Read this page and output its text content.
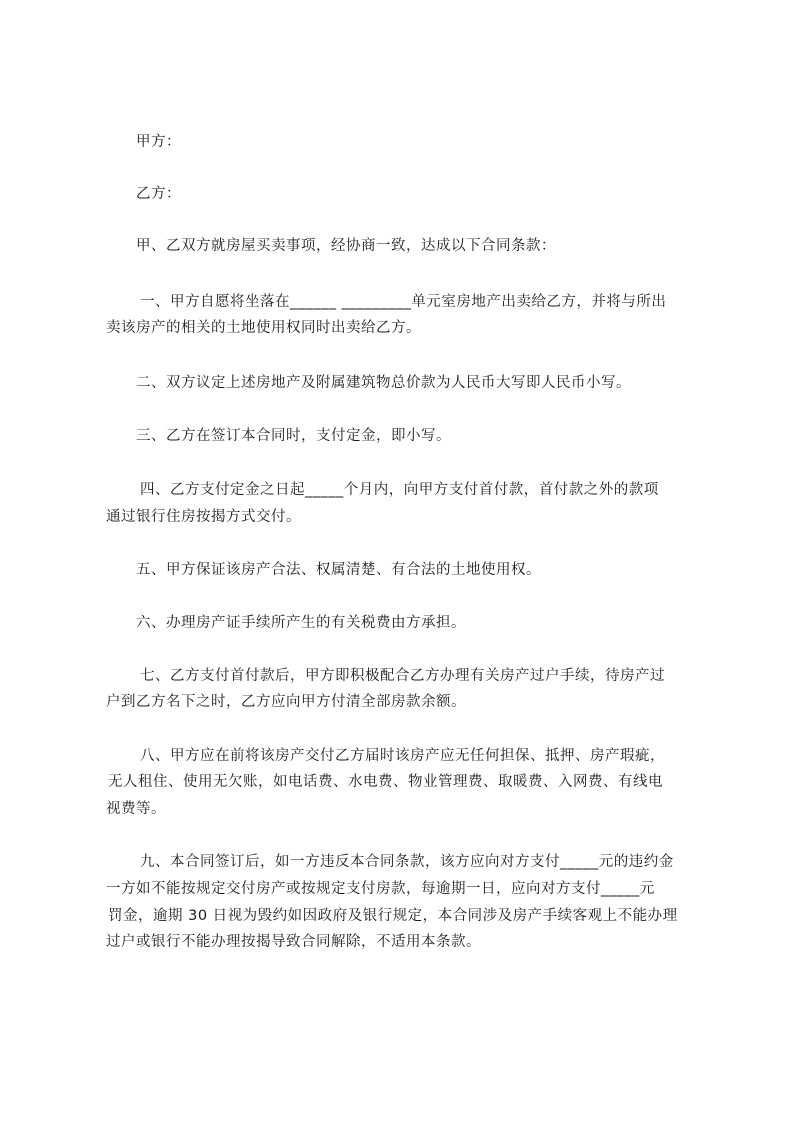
甲方：
乙方：
甲、乙双方就房屋买卖事项，经协商一致，达成以下合同条款：
一、甲方自愿将坐落在______ _________单元室房地产出卖给乙方，并将与所出
卖该房产的相关的土地使用权同时出卖给乙方。
二、双方议定上述房地产及附属建筑物总价款为人民币大写即人民币小写。
三、乙方在签订本合同时，支付定金，即小写。
四、乙方支付定金之日起_____个月内，向甲方支付首付款，首付款之外的款项
通过银行住房按揭方式交付。
五、甲方保证该房产合法、权属清楚、有合法的土地使用权。
六、办理房产证手续所产生的有关税费由方承担。
七、乙方支付首付款后，甲方即积极配合乙方办理有关房产过户手续，待房产过
户到乙方名下之时，乙方应向甲方付清全部房款余额。
八、甲方应在前将该房产交付乙方届时该房产应无任何担保、抵押、房产瑕疵，
无人租住、使用无欠账，如电话费、水电费、物业管理费、取暖费、入网费、有线电
视费等。
九、本合同签订后，如一方违反本合同条款，该方应向对方支付_____元的违约金
一方如不能按规定交付房产或按规定支付房款，每逾期一日，应向对方支付_____元
罚金，逾期 30 日视为毁约如因政府及银行规定，本合同涉及房产手续客观上不能办理
过户或银行不能办理按揭导致合同解除，不适用本条款。
